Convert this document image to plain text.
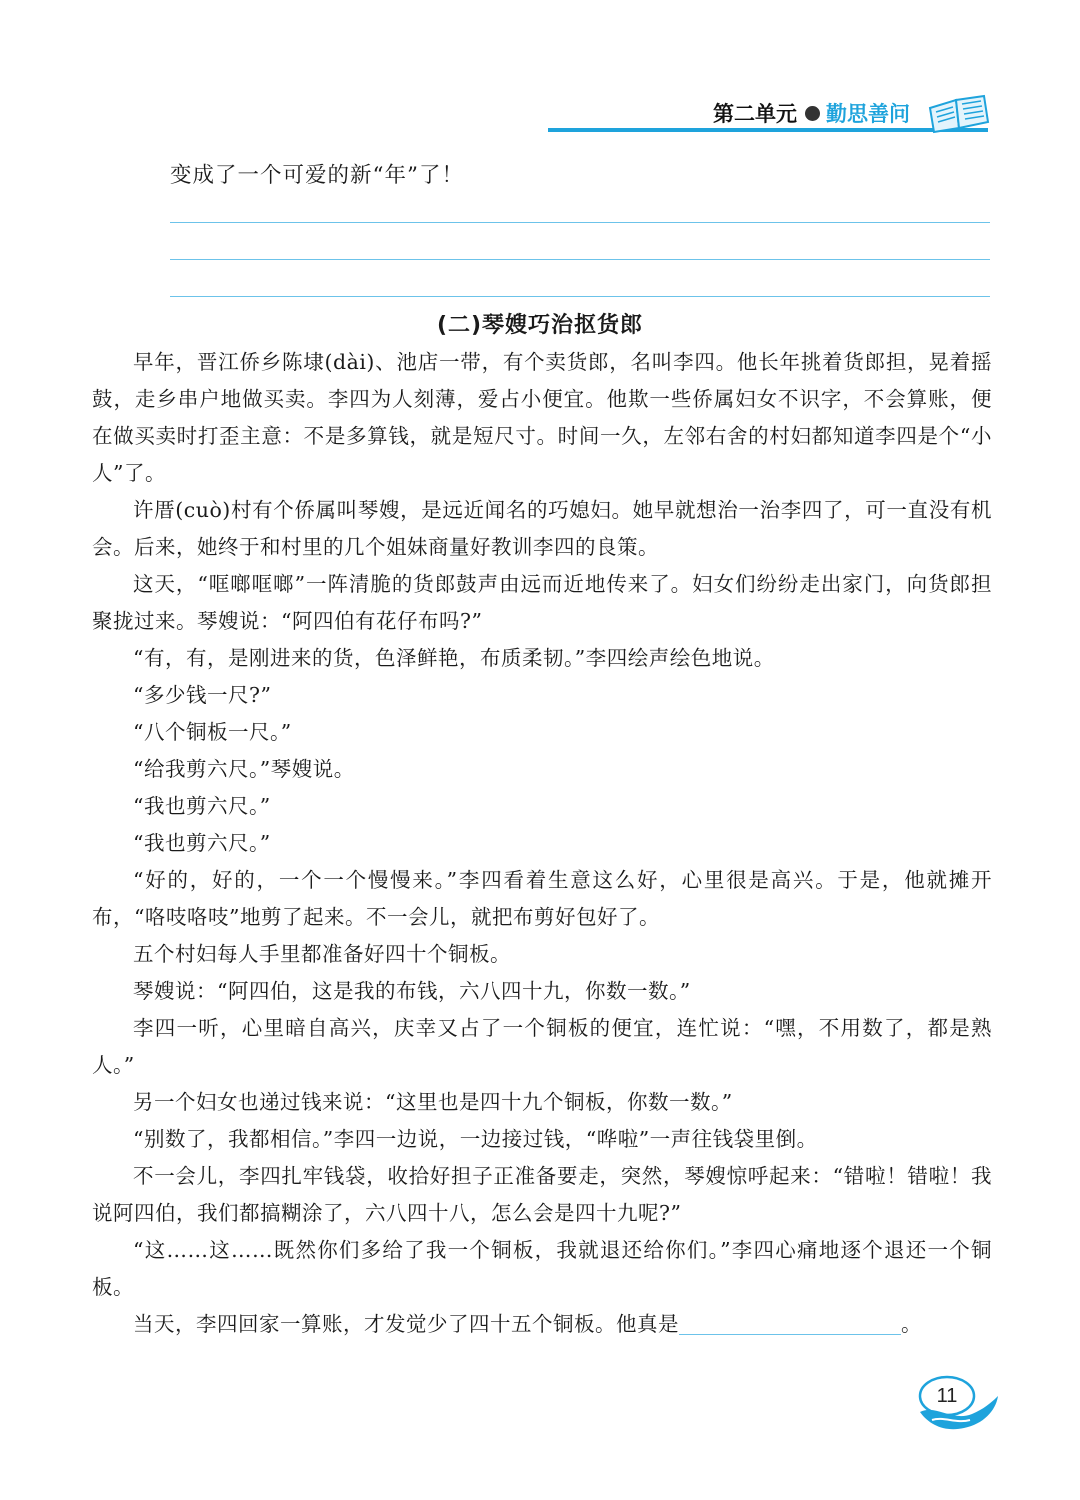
第二单元 勤思善问
变成了一个可爱的新“年”了！
(二)琴嫂巧治抠货郎

早年，晋江侨乡陈埭(dài)、池店一带，有个卖货郎，名叫李四。他长年挑着货郎担，晃着摇鼓，走乡串户地做买卖。李四为人刻薄，爱占小便宜。他欺一些侨属妇女不识字，不会算账，便在做买卖时打歪主意：不是多算钱，就是短尺寸。时间一久，左邻右舍的村妇都知道李四是个“小人”了。

许厝(cuò)村有个侨属叫琴嫂，是远近闻名的巧媳妇。她早就想治一治李四了，可一直没有机会。后来，她终于和村里的几个姐妹商量好教训李四的良策。

这天，“哐啷哐啷”一阵清脆的货郎鼓声由远而近地传来了。妇女们纷纷走出家门，向货郎担聚拢过来。琴嫂说：“阿四伯有花仔布吗?”

“有，有，是刚进来的货，色泽鲜艳，布质柔韧。”李四绘声绘色地说。

“多少钱一尺?”

“八个铜板一尺。”

“给我剪六尺。”琴嫂说。

“我也剪六尺。”

“我也剪六尺。”

“好的，好的，一个一个慢慢来。”李四看着生意这么好，心里很是高兴。于是，他就摊开布，“咯吱咯吱”地剪了起来。不一会儿，就把布剪好包好了。

五个村妇每人手里都准备好四十个铜板。

琴嫂说：“阿四伯，这是我的布钱，六八四十九，你数一数。”

李四一听，心里暗自高兴，庆幸又占了一个铜板的便宜，连忙说：“嘿，不用数了，都是熟人。”

另一个妇女也递过钱来说：“这里也是四十九个铜板，你数一数。”

“别数了，我都相信。”李四一边说，一边接过钱，“哗啦”一声往钱袋里倒。

不一会儿，李四扎牢钱袋，收拾好担子正准备要走，突然，琴嫂惊呼起来：“错啦！错啦！我说阿四伯，我们都搞糊涂了，六八四十八，怎么会是四十九呢?”

“这……这……既然你们多给了我一个铜板，我就退还给你们。”李四心痛地逐个退还一个铜板。

当天，李四回家一算账，才发觉少了四十五个铜板。他真是	。

11
